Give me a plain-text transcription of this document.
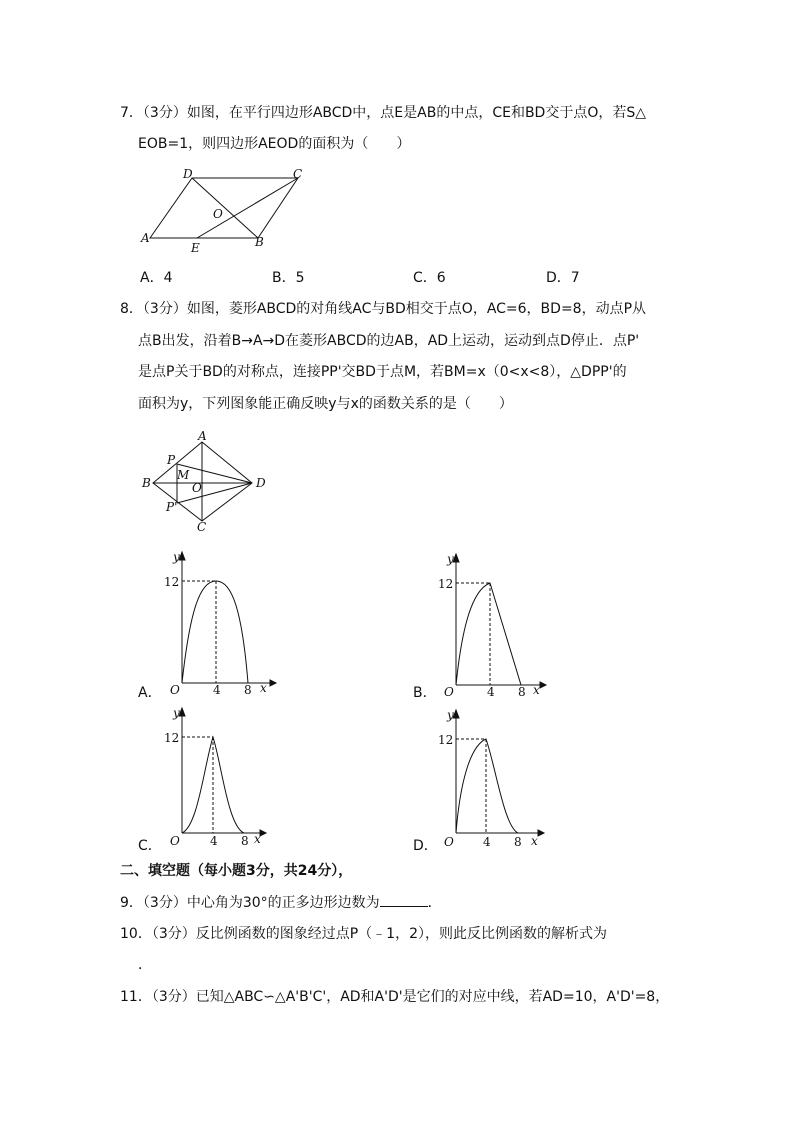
7．（3分）如图，在平行四边形ABCD中，点E是AB的中点，CE和BD交于点O，若S△
EOB=1，则四边形AEOD的面积为（　　）
D	C
O
A
E	B
A．4	B．5	C．6	D．7
8．（3分）如图，菱形ABCD的对角线AC与BD相交于点O，AC=6，BD=8，动点P从
点B出发，沿着B→A→D在菱形ABCD的边AB，AD上运动，运动到点D停止．点P'
是点P关于BD的对称点，连接PP'交BD于点M，若BM=x（0<x<8），△DPP'的
面积为y，下列图象能正确反映y与x的函数关系的是（　　）
A
P
M
B	O	D
P'
C
y
12
O	4 8 x
A．
y
12
O	4 8 x
B．
y
12
O	4 8 x
C．
y
12
O 4 8 x
D．
二、填空题（每小题3分，共24分），
9．（3分）中心角为30°的正多边形边数为	．
10．（3分）反比例函数的图象经过点P（﹣1，2），则此反比例函数的解析式为
．
11．（3分）已知△ABC∽△A'B'C'，AD和A'D'是它们的对应中线，若AD=10，A'D'=8，
